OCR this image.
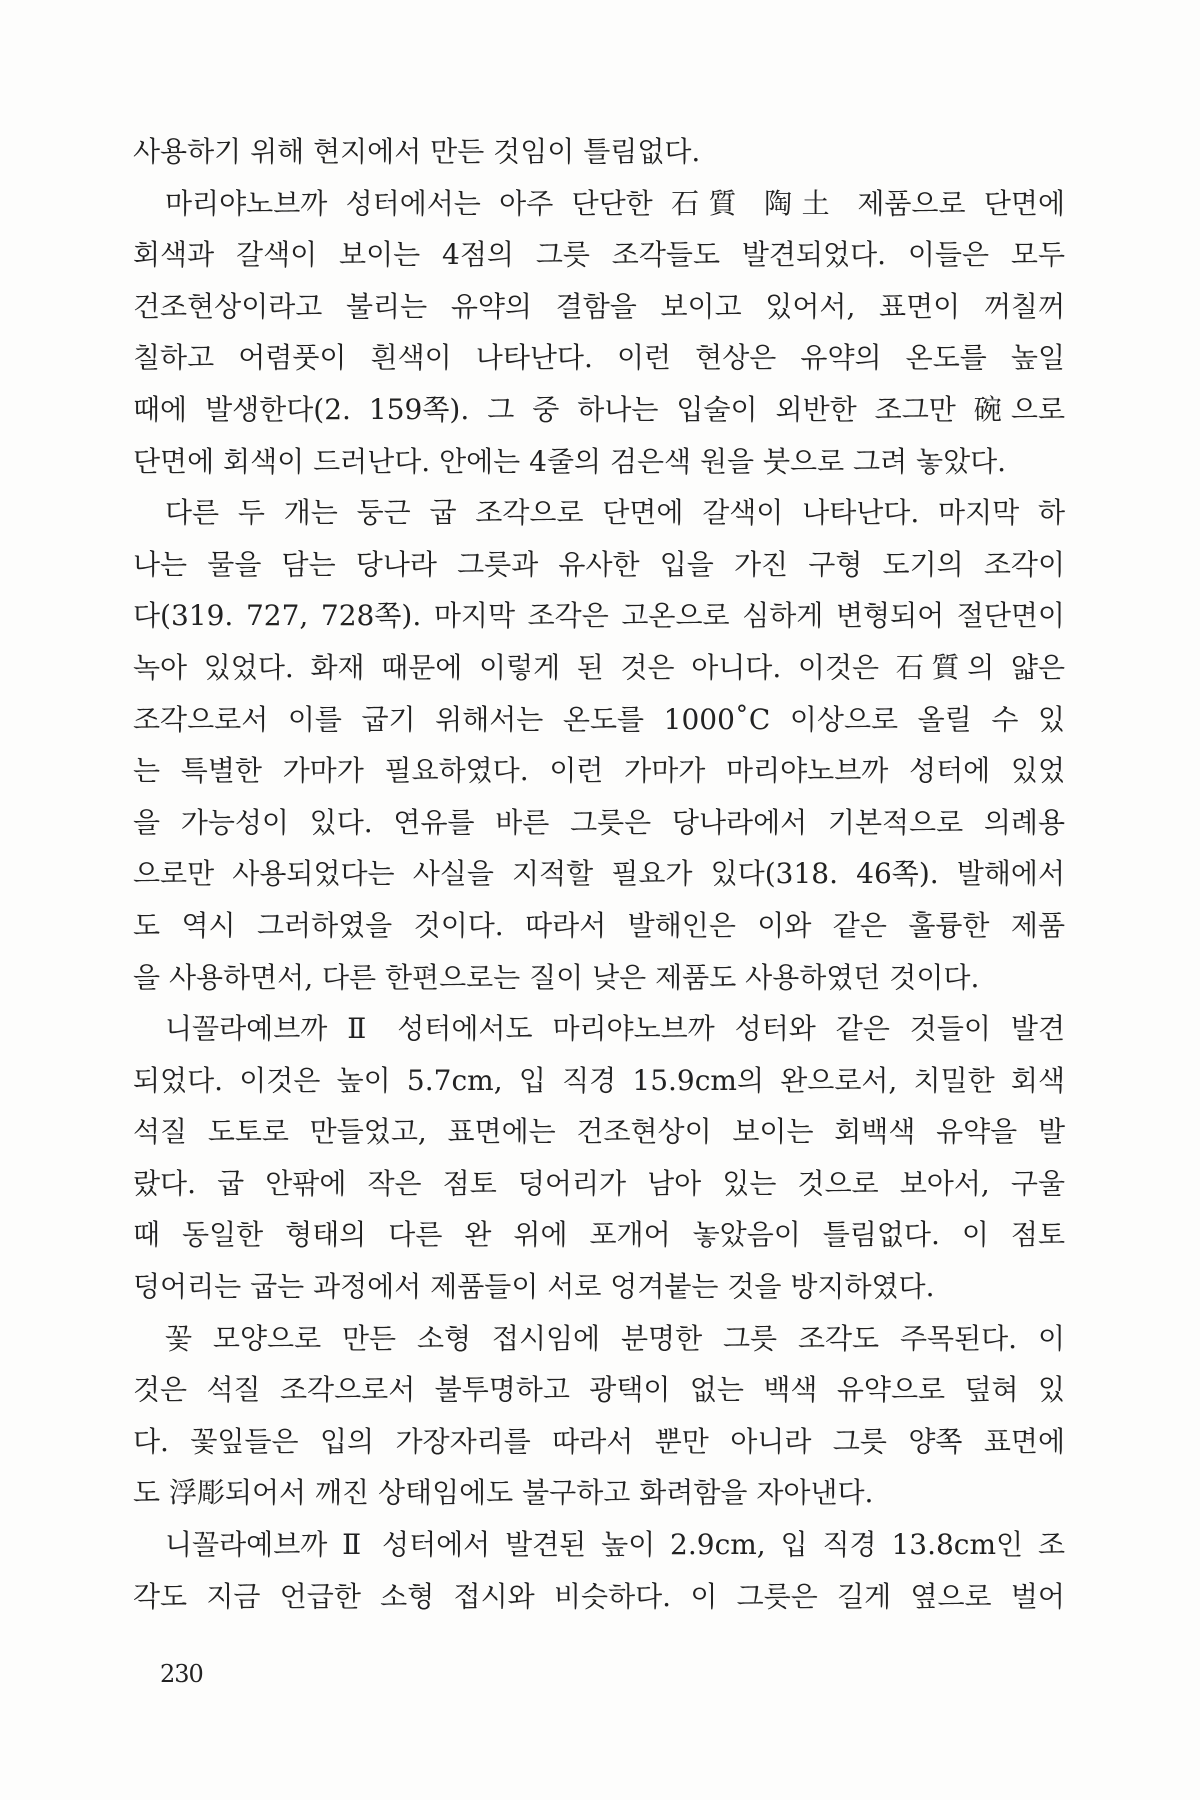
사용하기 위해 현지에서 만든 것임이 틀림없다.
마리야노브까 성터에서는 아주 단단한 石質 陶土 제품으로 단면에
회색과 갈색이 보이는 4점의 그릇 조각들도 발견되었다. 이들은 모두
건조현상이라고 불리는 유약의 결함을 보이고 있어서, 표면이 꺼칠꺼
칠하고 어렴풋이 흰색이 나타난다. 이런 현상은 유약의 온도를 높일
때에 발생한다(2. 159쪽). 그 중 하나는 입술이 외반한 조그만 碗으로
단면에 회색이 드러난다. 안에는 4줄의 검은색 원을 붓으로 그려 놓았다.
다른 두 개는 둥근 굽 조각으로 단면에 갈색이 나타난다. 마지막 하
나는 물을 담는 당나라 그릇과 유사한 입을 가진 구형 도기의 조각이
다(319. 727, 728쪽). 마지막 조각은 고온으로 심하게 변형되어 절단면이
녹아 있었다. 화재 때문에 이렇게 된 것은 아니다. 이것은 石質의 얇은
조각으로서 이를 굽기 위해서는 온도를 1000˚C 이상으로 올릴 수 있
는 특별한 가마가 필요하였다. 이런 가마가 마리야노브까 성터에 있었
을 가능성이 있다. 연유를 바른 그릇은 당나라에서 기본적으로 의례용
으로만 사용되었다는 사실을 지적할 필요가 있다(318. 46쪽). 발해에서
도 역시 그러하였을 것이다. 따라서 발해인은 이와 같은 훌륭한 제품
을 사용하면서, 다른 한편으로는 질이 낮은 제품도 사용하였던 것이다.
니꼴라예브까 Ⅱ 성터에서도 마리야노브까 성터와 같은 것들이 발견
되었다. 이것은 높이 5.7cm, 입 직경 15.9cm의 완으로서, 치밀한 회색
석질 도토로 만들었고, 표면에는 건조현상이 보이는 회백색 유약을 발
랐다. 굽 안팎에 작은 점토 덩어리가 남아 있는 것으로 보아서, 구울
때 동일한 형태의 다른 완 위에 포개어 놓았음이 틀림없다. 이 점토
덩어리는 굽는 과정에서 제품들이 서로 엉겨붙는 것을 방지하였다.
꽃 모양으로 만든 소형 접시임에 분명한 그릇 조각도 주목된다. 이
것은 석질 조각으로서 불투명하고 광택이 없는 백색 유약으로 덮혀 있
다. 꽃잎들은 입의 가장자리를 따라서 뿐만 아니라 그릇 양쪽 표면에
도 浮彫되어서 깨진 상태임에도 불구하고 화려함을 자아낸다.
니꼴라예브까 Ⅱ 성터에서 발견된 높이 2.9cm, 입 직경 13.8cm인 조
각도 지금 언급한 소형 접시와 비슷하다. 이 그릇은 길게 옆으로 벌어
230
